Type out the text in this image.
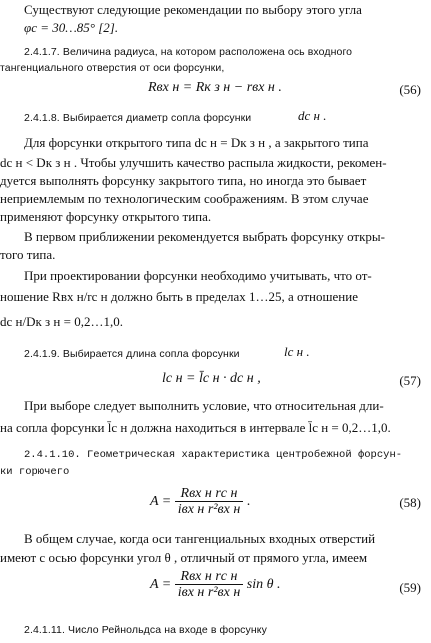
Существуют следующие рекомендации по выбору этого угла
φc = 30…85° [2].
2.4.1.7. Величина радиуса, на котором расположена ось входного
тангенциального отверстия от оси форсунки,
Rвх н = Rк з н − rвх н .	(56)
2.4.1.8. Выбирается диаметр сопла форсунки	dс н .
Для форсунки открытого типа dс н = Dк з н , а закрытого типа
dс н < Dк з н . Чтобы улучшить качество распыла жидкости, рекомен-
дуется выполнять форсунку закрытого типа, но иногда это бывает
неприемлемым по технологическим соображениям. В этом случае
применяют форсунку открытого типа.
В первом приближении рекомендуется выбрать форсунку откры-
того типа.
При проектировании форсунки необходимо учитывать, что от-
ношение Rвх н/rс н должно быть в пределах 1…25, а отношение
dс н/Dк з н = 0,2…1,0.
2.4.1.9. Выбирается длина сопла форсунки	lс н .
lс н = l̄с н · dс н ,	(57)
При выборе следует выполнить условие, что относительная дли-
на сопла форсунки l̄с н должна находиться в интервале l̄с н = 0,2…1,0.
2.4.1.10. Геометрическая характеристика центробежной форсун-
ки горючего
$A = \frac{\text{Rвх н rс н}}{\text{iвх н r²вх н}}$ .	(58)
В общем случае, когда оси тангенциальных входных отверстий
имеют с осью форсунки угол θ , отличный от прямого угла, имеем
$A = \frac{\text{Rвх н rс н}}{\text{iвх н r²вх н}}$ sin θ .	(59)
2.4.1.11. Число Рейнольдса на входе в форсунку
